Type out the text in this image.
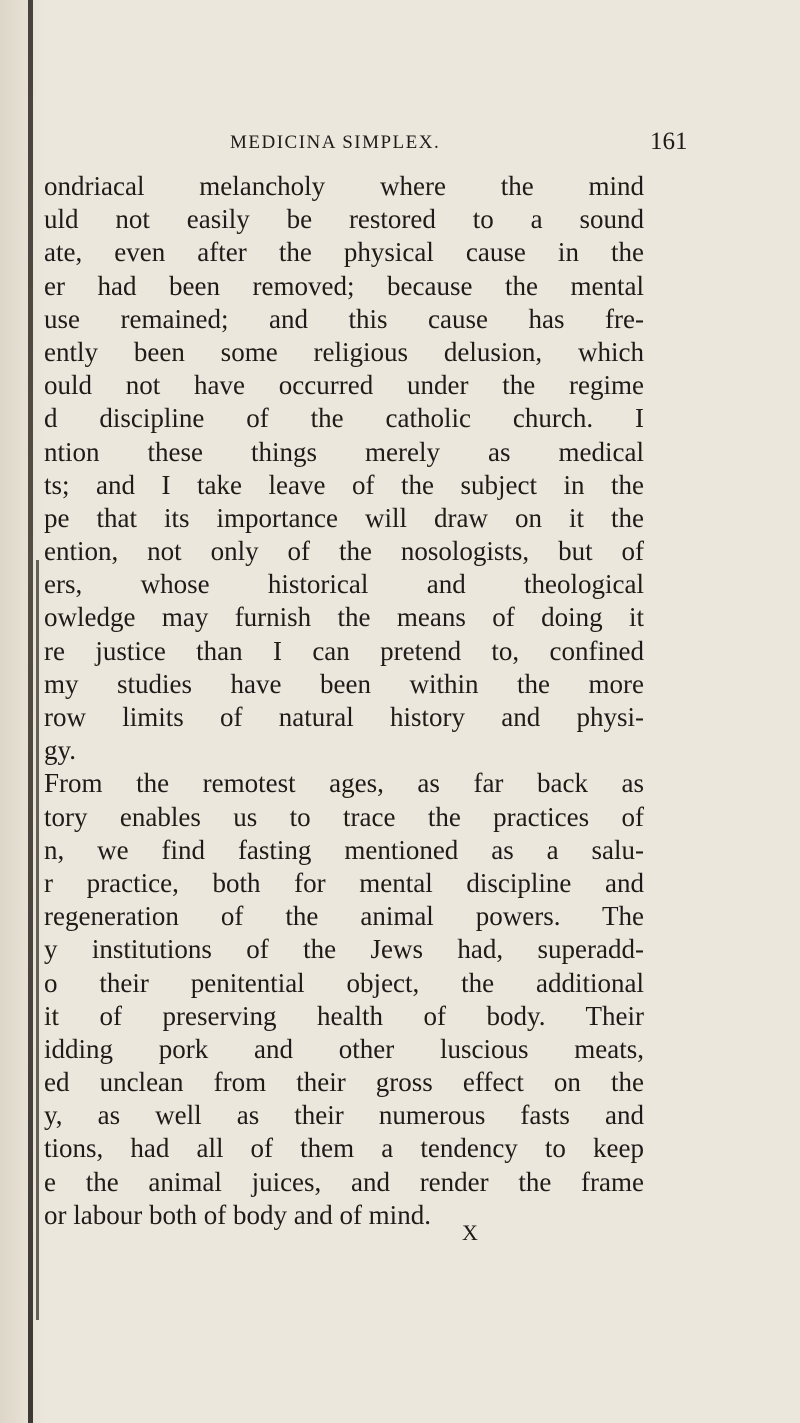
MEDICINA SIMPLEX.	161
ondriacal melancholy where the mind
uld not easily be restored to a sound
ate, even after the physical cause in the
er had been removed; because the mental
use remained; and this cause has fre-
ently been some religious delusion, which
ould not have occurred under the regime
d discipline of the catholic church. I
ntion these things merely as medical
ts; and I take leave of the subject in the
pe that its importance will draw on it the
ention, not only of the nosologists, but of
ers, whose historical and theological
owledge may furnish the means of doing it
re justice than I can pretend to, confined
my studies have been within the more
row limits of natural history and physi-
gy.
From the remotest ages, as far back as
tory enables us to trace the practices of
n, we find fasting mentioned as a salu-
r practice, both for mental discipline and
regeneration of the animal powers. The
y institutions of the Jews had, superadd-
o their penitential object, the additional
it of preserving health of body. Their
idding pork and other luscious meats,
ed unclean from their gross effect on the
y, as well as their numerous fasts and
tions, had all of them a tendency to keep
e the animal juices, and render the frame
or labour both of body and of mind.
X
